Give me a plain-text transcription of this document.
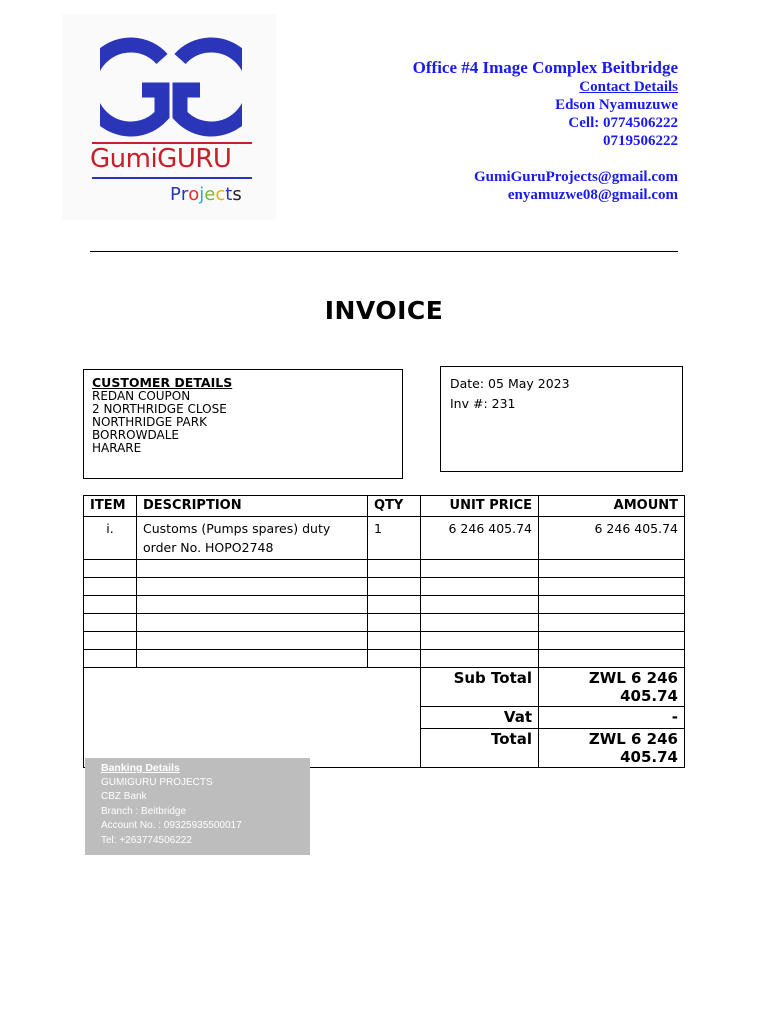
GumiGURU
Projects
Office #4 Image Complex Beitbridge
Contact Details
Edson Nyamuzuwe
Cell: 0774506222
0719506222
GumiGuruProjects@gmail.com
enyamuzwe08@gmail.com
INVOICE
CUSTOMER DETAILS
REDAN COUPON
2 NORTHRIDGE CLOSE
NORTHRIDGE PARK
BORROWDALE
HARARE
Date: 05 May 2023
Inv #: 231
ITEM	DESCRIPTION	QTY	UNIT PRICE	AMOUNT
i.	Customs (Pumps spares) duty order No. HOPO2748	1	6 246 405.74	6 246 405.74

			Sub Total	ZWL 6 246 405.74
			Vat	-
			Total	ZWL 6 246 405.74
Banking Details
GUMIGURU PROJECTS
CBZ Bank
Branch : Beitbridge
Account No. : 09325935500017
Tel: +263774506222
